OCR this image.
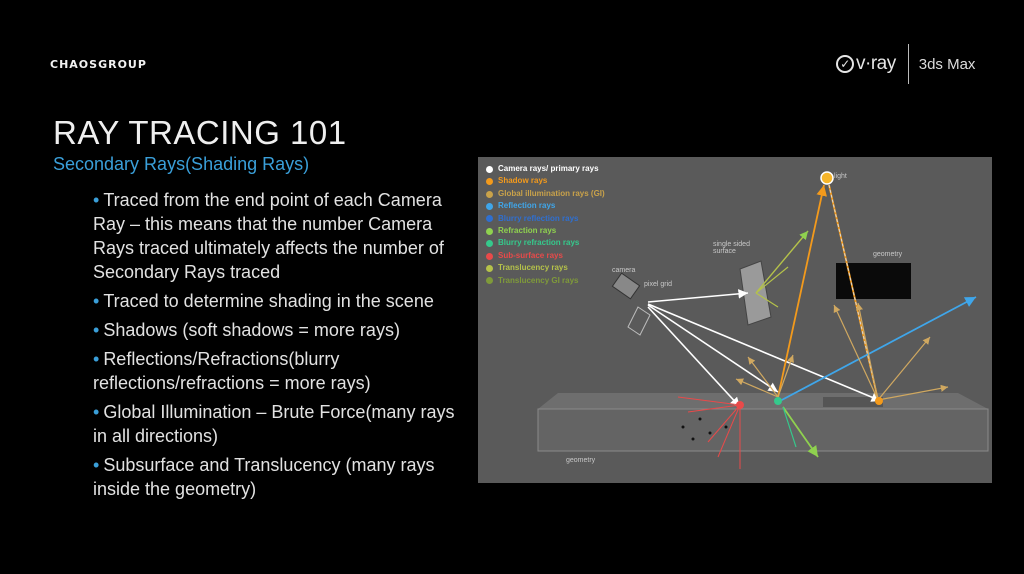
CHAOSGROUP	✓ v·ray 3ds Max
RAY TRACING 101
Secondary Rays(Shading Rays)
• Traced from the end point of each Camera Ray – this means that the number Camera Rays traced ultimately affects the number of Secondary Rays traced
• Traced to determine shading in the scene
• Shadows (soft shadows = more rays)
• Reflections/Refractions(blurry reflections/refractions = more rays)
• Global Illumination – Brute Force(many rays in all directions)
• Subsurface and Translucency (many rays inside the geometry)
Camera rays/ primary rays
Shadow rays
Global illumination rays (GI)
Reflection rays
Blurry reflection rays
Refraction rays
Blurry refraction rays
Sub-surface rays
Translucency rays
Translucency GI rays
light
single sided surface	geometry
camera
pixel grid
geometry
